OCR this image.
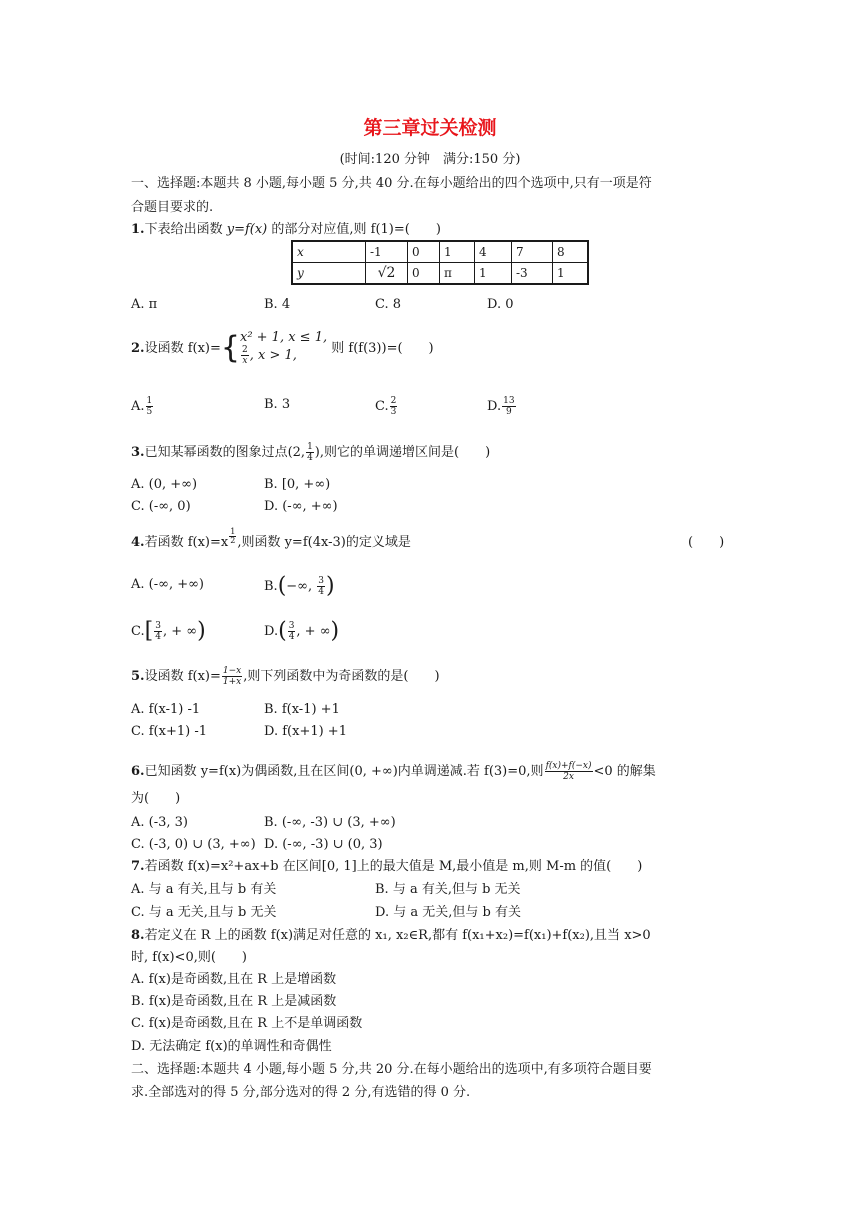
第三章过关检测
(时间:120 分钟　满分:150 分)
一、选择题:本题共 8 小题,每小题 5 分,共 40 分.在每小题给出的四个选项中,只有一项是符
合题目要求的.
1.下表给出函数 y=f(x) 的部分对应值,则 f(1)=(　　)
x	-1	0	1	4	7	8
y	√2	0	π	1	-3	1
A. π	B. 4	C. 8	D. 0
2.设函数 f(x)={ x² + 1, x ≤ 1,
$\frac{2}{x}$ , x > 1,	则 f(f(3))=(　　)
A. $\frac{1}{5}$	B. 3	C. $\frac{2}{3}$	D. $\frac{13}{9}$
3.已知某幂函数的图象过点(2, $\frac{1}{4}$ ),则它的单调递增区间是(　　)
A. (0, +∞)	B. [0, +∞)
C. (-∞, 0)	D. (-∞, +∞)
4.若函数 $f(x)=x \frac{1}{2}$ ,则函数 y=f(4x-3)的定义域是	(　　)
A. (-∞, +∞)	B.(−∞, $\frac{3}{4}$ )
$C.[ \frac{3}{4}$ , + ∞)	$D.( \frac{3}{4}$ , + ∞)
5.设函数 $f(x)= \frac{1-x}{1+x}$ ,则下列函数中为奇函数的是(　　)
A. f(x-1) -1	B. f(x-1) +1
C. f(x+1) -1	D. f(x+1) +1
6.已知函数 y=f(x)为偶函数,且在区间(0, +∞)内单调递减.若 f(3)=0,则 $\frac{f(x)+f(-x)}{2x} <0$ 的解集
为(　　)
A. (-3, 3)	B. (-∞, -3) ∪ (3, +∞)
C. (-3, 0) ∪ (3, +∞) D. (-∞, -3) ∪ (0, 3)
7.若函数 f(x)=x²+ax+b 在区间[0, 1]上的最大值是 M,最小值是 m,则 M-m 的值(　　)
A. 与 a 有关,且与 b 有关	B. 与 a 有关,但与 b 无关
C. 与 a 无关,且与 b 无关	D. 与 a 无关,但与 b 有关
8.若定义在 R 上的函数 f(x)满足对任意的 x₁, x₂∈R,都有 f(x₁+x₂)=f(x₁)+f(x₂),且当 x>0
时, f(x)<0,则(　　)
A. f(x)是奇函数,且在 R 上是增函数
B. f(x)是奇函数,且在 R 上是减函数
C. f(x)是奇函数,且在 R 上不是单调函数
D. 无法确定 f(x)的单调性和奇偶性
二、选择题:本题共 4 小题,每小题 5 分,共 20 分.在每小题给出的选项中,有多项符合题目要
求.全部选对的得 5 分,部分选对的得 2 分,有选错的得 0 分.
